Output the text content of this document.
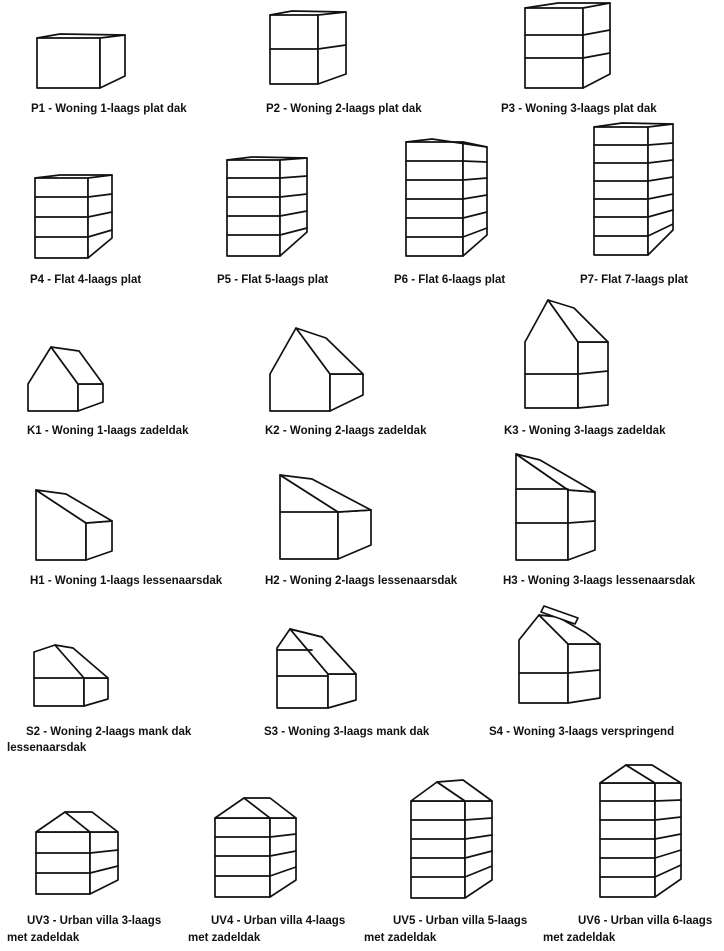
P1 - Woning 1-laags plat dak	P2 - Woning 2-laags plat dak	P3 - Woning 3-laags plat dak
P4 - Flat 4-laags plat	P5 - Flat 5-laags plat	P6 - Flat 6-laags plat	P7- Flat 7-laags plat
K1 - Woning 1-laags zadeldak	K2 - Woning 2-laags zadeldak	K3 - Woning 3-laags zadeldak
H1 - Woning 1-laags lessenaarsdak	H2 - Woning 2-laags lessenaarsdak	H3 - Woning 3-laags lessenaarsdak
S2 - Woning 2-laags mank dak
lessenaarsdak
S3 - Woning 3-laags mank dak	S4 - Woning 3-laags verspringend
UV3 - Urban villa 3-laags
met zadeldak
UV4 - Urban villa 4-laags
met zadeldak
UV5 - Urban villa 5-laags
met zadeldak
UV6 - Urban villa 6-laags
met zadeldak
